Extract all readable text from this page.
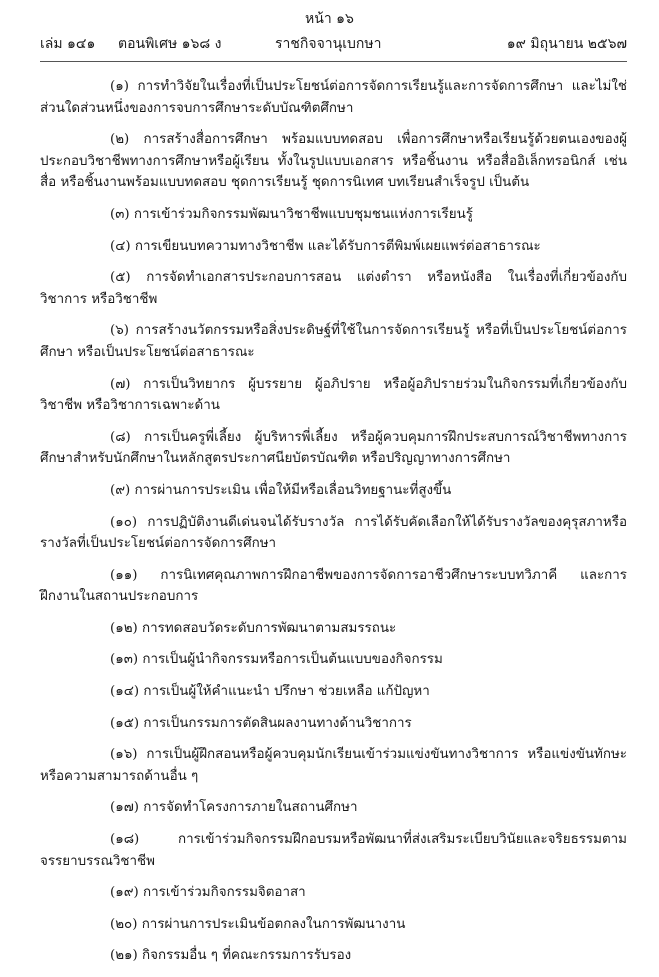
หน้า ๑๖
เล่ม ๑๔๑ ตอนพิเศษ ๑๖๘ ง	ราชกิจจานุเบกษา	๑๙ มิถุนายน ๒๕๖๗

(๑) การทำวิจัยในเรื่องที่เป็นประโยชน์ต่อการจัดการเรียนรู้และการจัดการศึกษา และไม่ใช่ส่วนใดส่วนหนึ่งของการจบการศึกษาระดับบัณฑิตศึกษา

(๒) การสร้างสื่อการศึกษา พร้อมแบบทดสอบ เพื่อการศึกษาหรือเรียนรู้ด้วยตนเองของผู้ประกอบวิชาชีพทางการศึกษาหรือผู้เรียน ทั้งในรูปแบบเอกสาร หรือชิ้นงาน หรือสื่ออิเล็กทรอนิกส์ เช่น สื่อ หรือชิ้นงานพร้อมแบบทดสอบ ชุดการเรียนรู้ ชุดการนิเทศ บทเรียนสำเร็จรูป เป็นต้น

(๓) การเข้าร่วมกิจกรรมพัฒนาวิชาชีพแบบชุมชนแห่งการเรียนรู้

(๔) การเขียนบทความทางวิชาชีพ และได้รับการตีพิมพ์เผยแพร่ต่อสาธารณะ

(๕) การจัดทำเอกสารประกอบการสอน แต่งตำรา หรือหนังสือ ในเรื่องที่เกี่ยวข้องกับวิชาการ หรือวิชาชีพ

(๖) การสร้างนวัตกรรมหรือสิ่งประดิษฐ์ที่ใช้ในการจัดการเรียนรู้ หรือที่เป็นประโยชน์ต่อการศึกษา หรือเป็นประโยชน์ต่อสาธารณะ

(๗) การเป็นวิทยากร ผู้บรรยาย ผู้อภิปราย หรือผู้อภิปรายร่วมในกิจกรรมที่เกี่ยวข้องกับวิชาชีพ หรือวิชาการเฉพาะด้าน

(๘) การเป็นครูพี่เลี้ยง ผู้บริหารพี่เลี้ยง หรือผู้ควบคุมการฝึกประสบการณ์วิชาชีพทางการศึกษาสำหรับนักศึกษาในหลักสูตรประกาศนียบัตรบัณฑิต หรือปริญญาทางการศึกษา

(๙) การผ่านการประเมิน เพื่อให้มีหรือเลื่อนวิทยฐานะที่สูงขึ้น

(๑๐) การปฏิบัติงานดีเด่นจนได้รับรางวัล การได้รับคัดเลือกให้ได้รับรางวัลของคุรุสภาหรือรางวัลที่เป็นประโยชน์ต่อการจัดการศึกษา

(๑๑) การนิเทศคุณภาพการฝึกอาชีพของการจัดการอาชีวศึกษาระบบทวิภาคี และการฝึกงานในสถานประกอบการ

(๑๒) การทดสอบวัดระดับการพัฒนาตามสมรรถนะ

(๑๓) การเป็นผู้นำกิจกรรมหรือการเป็นต้นแบบของกิจกรรม

(๑๔) การเป็นผู้ให้คำแนะนำ ปรึกษา ช่วยเหลือ แก้ปัญหา

(๑๕) การเป็นกรรมการตัดสินผลงานทางด้านวิชาการ

(๑๖) การเป็นผู้ฝึกสอนหรือผู้ควบคุมนักเรียนเข้าร่วมแข่งขันทางวิชาการ หรือแข่งขันทักษะหรือความสามารถด้านอื่น ๆ

(๑๗) การจัดทำโครงการภายในสถานศึกษา

(๑๘) การเข้าร่วมกิจกรรมฝึกอบรมหรือพัฒนาที่ส่งเสริมระเบียบวินัยและจริยธรรมตามจรรยาบรรณวิชาชีพ

(๑๙) การเข้าร่วมกิจกรรมจิตอาสา

(๒๐) การผ่านการประเมินข้อตกลงในการพัฒนางาน

(๒๑) กิจกรรมอื่น ๆ ที่คณะกรรมการรับรอง
